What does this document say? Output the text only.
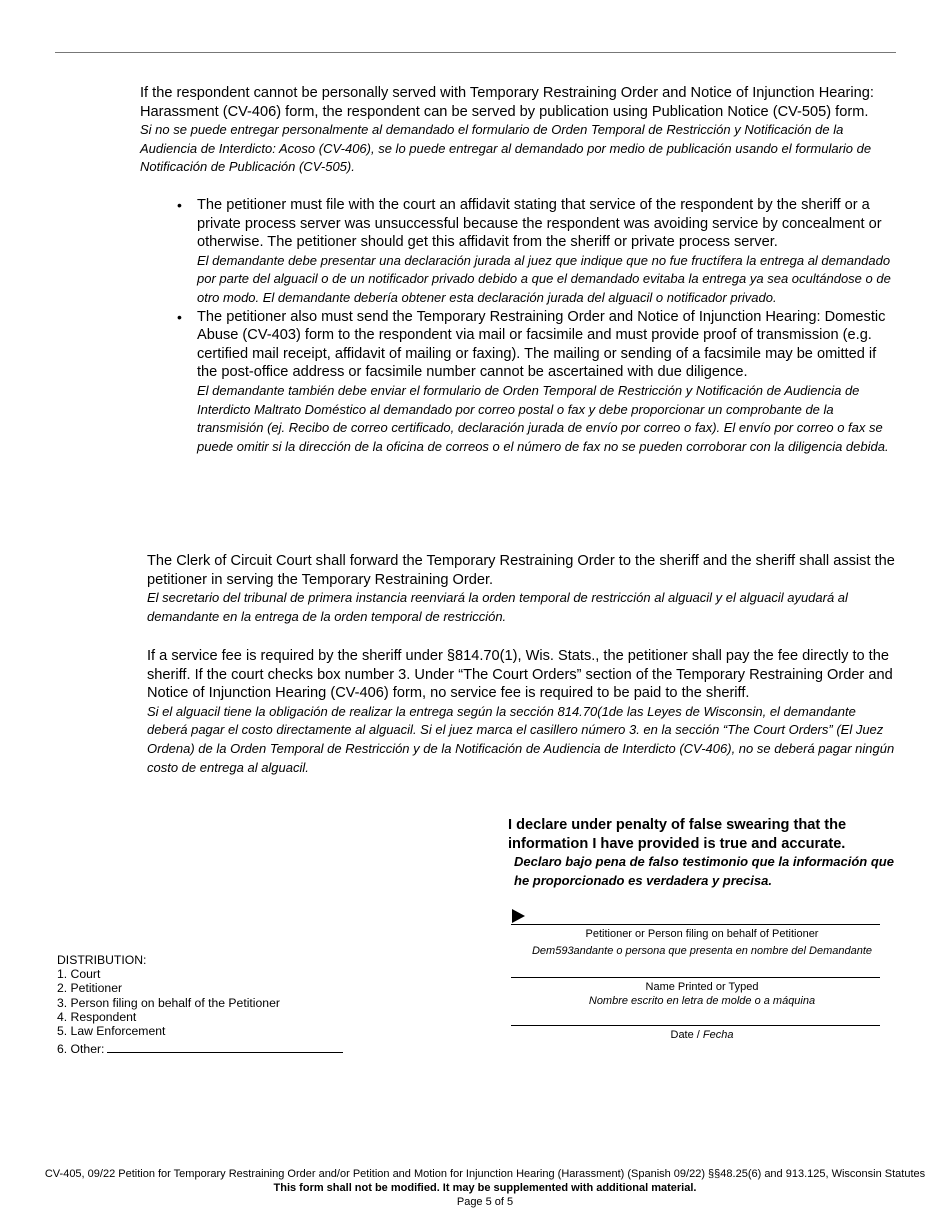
If the respondent cannot be personally served with Temporary Restraining Order and Notice of Injunction Hearing: Harassment (CV-406) form, the respondent can be served by publication using Publication Notice (CV-505) form.
Si no se puede entregar personalmente al demandado el formulario de Orden Temporal de Restricción y Notificación de la Audiencia de Interdicto: Acoso (CV-406), se lo puede entregar al demandado por medio de publicación usando el formulario de Notificación de Publicación (CV-505).
• The petitioner must file with the court an affidavit stating that service of the respondent by the sheriff or a private process server was unsuccessful because the respondent was avoiding service by concealment or otherwise. The petitioner should get this affidavit from the sheriff or private process server.
El demandante debe presentar una declaración jurada al juez que indique que no fue fructífera la entrega al demandado por parte del alguacil o de un notificador privado debido a que el demandado evitaba la entrega ya sea ocultándose o de otro modo. El demandante debería obtener esta declaración jurada del alguacil o notificador privado.
• The petitioner also must send the Temporary Restraining Order and Notice of Injunction Hearing: Domestic Abuse (CV-403) form to the respondent via mail or facsimile and must provide proof of transmission (e.g. certified mail receipt, affidavit of mailing or faxing). The mailing or sending of a facsimile may be omitted if the post-office address or facsimile number cannot be ascertained with due diligence.
El demandante también debe enviar el formulario de Orden Temporal de Restricción y Notificación de Audiencia de Interdicto Maltrato Doméstico al demandado por correo postal o fax y debe proporcionar un comprobante de la transmisión (ej. Recibo de correo certificado, declaración jurada de envío por correo o fax). El envío por correo o fax se puede omitir si la dirección de la oficina de correos o el número de fax no se pueden corroborar con la diligencia debida.
The Clerk of Circuit Court shall forward the Temporary Restraining Order to the sheriff and the sheriff shall assist the petitioner in serving the Temporary Restraining Order.
El secretario del tribunal de primera instancia reenviará la orden temporal de restricción al alguacil y el alguacil ayudará al demandante en la entrega de la orden temporal de restricción.
If a service fee is required by the sheriff under §814.70(1), Wis. Stats., the petitioner shall pay the fee directly to the sheriff. If the court checks box number 3. Under “The Court Orders” section of the Temporary Restraining Order and Notice of Injunction Hearing (CV-406) form, no service fee is required to be paid to the sheriff.
Si el alguacil tiene la obligación de realizar la entrega según la sección 814.70(1de las Leyes de Wisconsin, el demandante deberá pagar el costo directamente al alguacil. Si el juez marca el casillero número 3. en la sección “The Court Orders” (El Juez Ordena) de la Orden Temporal de Restricción y de la Notificación de Audiencia de Interdicto (CV-406), no se deberá pagar ningún costo de entrega al alguacil.
I declare under penalty of false swearing that the information I have provided is true and accurate.
Declaro bajo pena de falso testimonio que la información que he proporcionado es verdadera y precisa.
Petitioner or Person filing on behalf of Petitioner
Dem593andante o persona que presenta en nombre del Demandante
Name Printed or Typed
Nombre escrito en letra de molde o a máquina
Date / Fecha
DISTRIBUTION:
1. Court
2. Petitioner
3. Person filing on behalf of the Petitioner
4. Respondent
5. Law Enforcement
6. Other:
CV-405, 09/22 Petition for Temporary Restraining Order and/or Petition and Motion for Injunction Hearing (Harassment) (Spanish 09/22) §§48.25(6) and 913.125, Wisconsin Statutes
This form shall not be modified. It may be supplemented with additional material.
Page 5 of 5
